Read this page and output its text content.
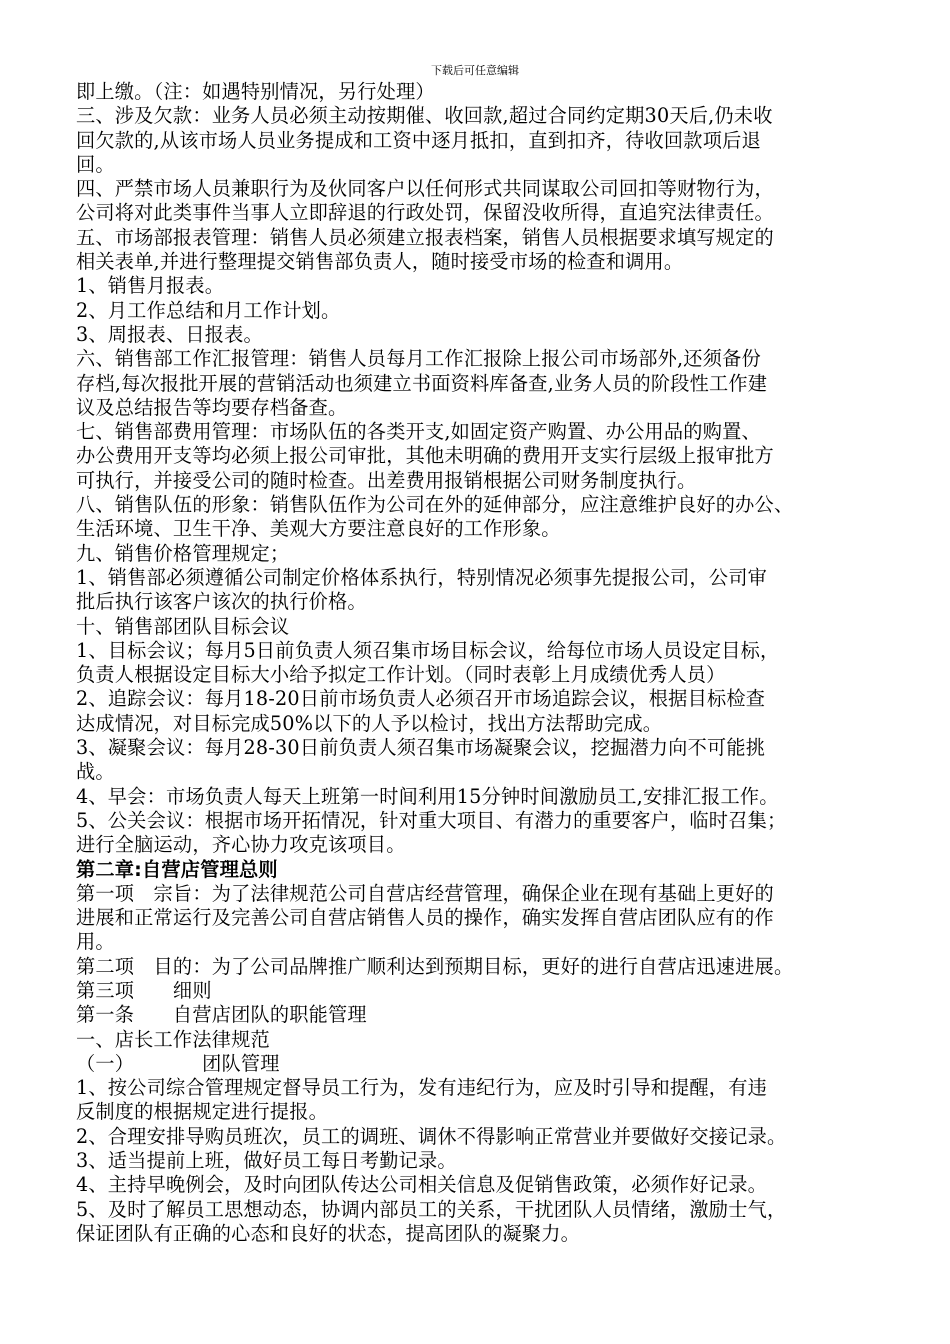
下载后可任意编辑
即上缴。（注：如遇特别情况，另行处理）
三、涉及欠款：业务人员必须主动按期催、收回款,超过合同约定期30天后,仍未收
回欠款的,从该市场人员业务提成和工资中逐月抵扣，直到扣齐，待收回款项后退
回。
四、严禁市场人员兼职行为及伙同客户以任何形式共同谋取公司回扣等财物行为，
公司将对此类事件当事人立即辞退的行政处罚，保留没收所得，直追究法律责任。
五、市场部报表管理：销售人员必须建立报表档案，销售人员根据要求填写规定的
相关表单,并进行整理提交销售部负责人，随时接受市场的检查和调用。
1、销售月报表。
2、月工作总结和月工作计划。
3、周报表、日报表。
六、销售部工作汇报管理：销售人员每月工作汇报除上报公司市场部外,还须备份
存档,每次报批开展的营销活动也须建立书面资料库备查,业务人员的阶段性工作建
议及总结报告等均要存档备查。
七、销售部费用管理：市场队伍的各类开支,如固定资产购置、办公用品的购置、
办公费用开支等均必须上报公司审批，其他未明确的费用开支实行层级上报审批方
可执行，并接受公司的随时检查。出差费用报销根据公司财务制度执行。
八、销售队伍的形象：销售队伍作为公司在外的延伸部分，应注意维护良好的办公、
生活环境、卫生干净、美观大方要注意良好的工作形象。
九、销售价格管理规定；
1、销售部必须遵循公司制定价格体系执行，特别情况必须事先提报公司，公司审
批后执行该客户该次的执行价格。
十、销售部团队目标会议
1、目标会议；每月5日前负责人须召集市场目标会议，给每位市场人员设定目标，
负责人根据设定目标大小给予拟定工作计划。（同时表彰上月成绩优秀人员）
2、追踪会议：每月18-20日前市场负责人必须召开市场追踪会议，根据目标检查
达成情况，对目标完成50%以下的人予以检讨，找出方法帮助完成。
3、凝聚会议：每月28-30日前负责人须召集市场凝聚会议，挖掘潜力向不可能挑
战。
4、早会：市场负责人每天上班第一时间利用15分钟时间激励员工,安排汇报工作。
5、公关会议：根据市场开拓情况，针对重大项目、有潜力的重要客户，临时召集；
进行全脑运动，齐心协力攻克该项目。
第二章:自营店管理总则
第一项　宗旨：为了法律规范公司自营店经营管理，确保企业在现有基础上更好的
进展和正常运行及完善公司自营店销售人员的操作，确实发挥自营店团队应有的作
用。
第二项　目的：为了公司品牌推广顺利达到预期目标，更好的进行自营店迅速进展。
第三项　　细则
第一条　　自营店团队的职能管理
一、店长工作法律规范
（一）　　　　团队管理
1、按公司综合管理规定督导员工行为，发有违纪行为，应及时引导和提醒，有违
反制度的根据规定进行提报。
2、合理安排导购员班次，员工的调班、调休不得影响正常营业并要做好交接记录。
3、适当提前上班，做好员工每日考勤记录。
4、主持早晚例会，及时向团队传达公司相关信息及促销售政策，必须作好记录。
5、及时了解员工思想动态，协调内部员工的关系，干扰团队人员情绪，激励士气，
保证团队有正确的心态和良好的状态，提高团队的凝聚力。
